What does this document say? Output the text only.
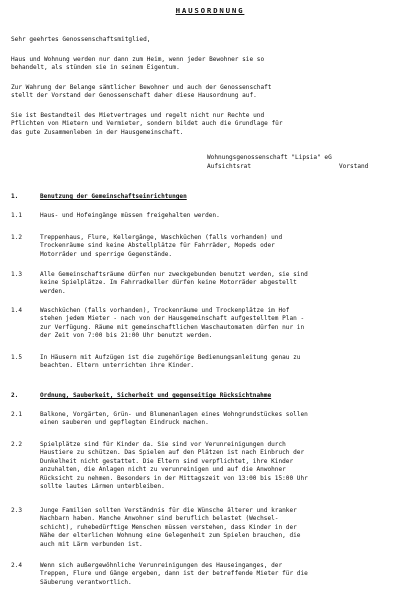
HAUSORDNUNG
Sehr geehrtes Genossenschaftsmitglied,
Haus und Wohnung werden nur dann zum Heim, wenn jeder Bewohner sie so
behandelt, als stünden sie in seinem Eigentum.
Zur Wahrung der Belange sämtlicher Bewohner und auch der Genossenschaft
stellt der Vorstand der Genossenschaft daher diese Hausordnung auf.
Sie ist Bestandteil des Mietvertrages und regelt nicht nur Rechte und
Pflichten von Mietern und Vermieter, sondern bildet auch die Grundlage für
das gute Zusammenleben in der Hausgemeinschaft.
Wohnungsgenossenschaft "Lipsia" eG
Aufsichtsrat	Vorstand
1.	Benutzung der Gemeinschaftseinrichtungen
1.1	Haus- und Hofeingänge müssen freigehalten werden.
1.2	Treppenhaus, Flure, Kellergänge, Waschküchen (falls vorhanden) und
Trockenräume sind keine Abstellplätze für Fahrräder, Mopeds oder
Motorräder und sperrige Gegenstände.
1.3	Alle Gemeinschaftsräume dürfen nur zweckgebunden benutzt werden, sie sind
keine Spielplätze. Im Fahrradkeller dürfen keine Motorräder abgestellt
werden.
1.4	Waschküchen (falls vorhanden), Trockenräume und Trockenplätze im Hof
stehen jedem Mieter - nach von der Hausgemeinschaft aufgestelltem Plan -
zur Verfügung. Räume mit gemeinschaftlichen Waschautomaten dürfen nur in
der Zeit von 7:00 bis 21:00 Uhr benutzt werden.
1.5	In Häusern mit Aufzügen ist die zugehörige Bedienungsanleitung genau zu
beachten. Eltern unterrichten ihre Kinder.
2.	Ordnung, Sauberkeit, Sicherheit und gegenseitige Rücksichtnahme
2.1	Balkone, Vorgärten, Grün- und Blumenanlagen eines Wohngrundstückes sollen
einen sauberen und gepflegten Eindruck machen.
2.2	Spielplätze sind für Kinder da. Sie sind vor Verunreinigungen durch
Haustiere zu schützen. Das Spielen auf den Plätzen ist nach Einbruch der
Dunkelheit nicht gestattet. Die Eltern sind verpflichtet, ihre Kinder
anzuhalten, die Anlagen nicht zu verunreinigen und auf die Anwohner
Rücksicht zu nehmen. Besonders in der Mittagszeit von 13:00 bis 15:00 Uhr
sollte lautes Lärmen unterbleiben.
2.3	Junge Familien sollten Verständnis für die Wünsche älterer und kranker
Nachbarn haben. Manche Anwohner sind beruflich belastet (Wechsel-
schicht), ruhebedürftige Menschen müssen verstehen, dass Kinder in der
Nähe der elterlichen Wohnung eine Gelegenheit zum Spielen brauchen, die
auch mit Lärm verbunden ist.
2.4	Wenn sich außergewöhnliche Verunreinigungen des Hauseinganges, der
Treppen, Flure und Gänge ergeben, dann ist der betreffende Mieter für die
Säuberung verantwortlich.
